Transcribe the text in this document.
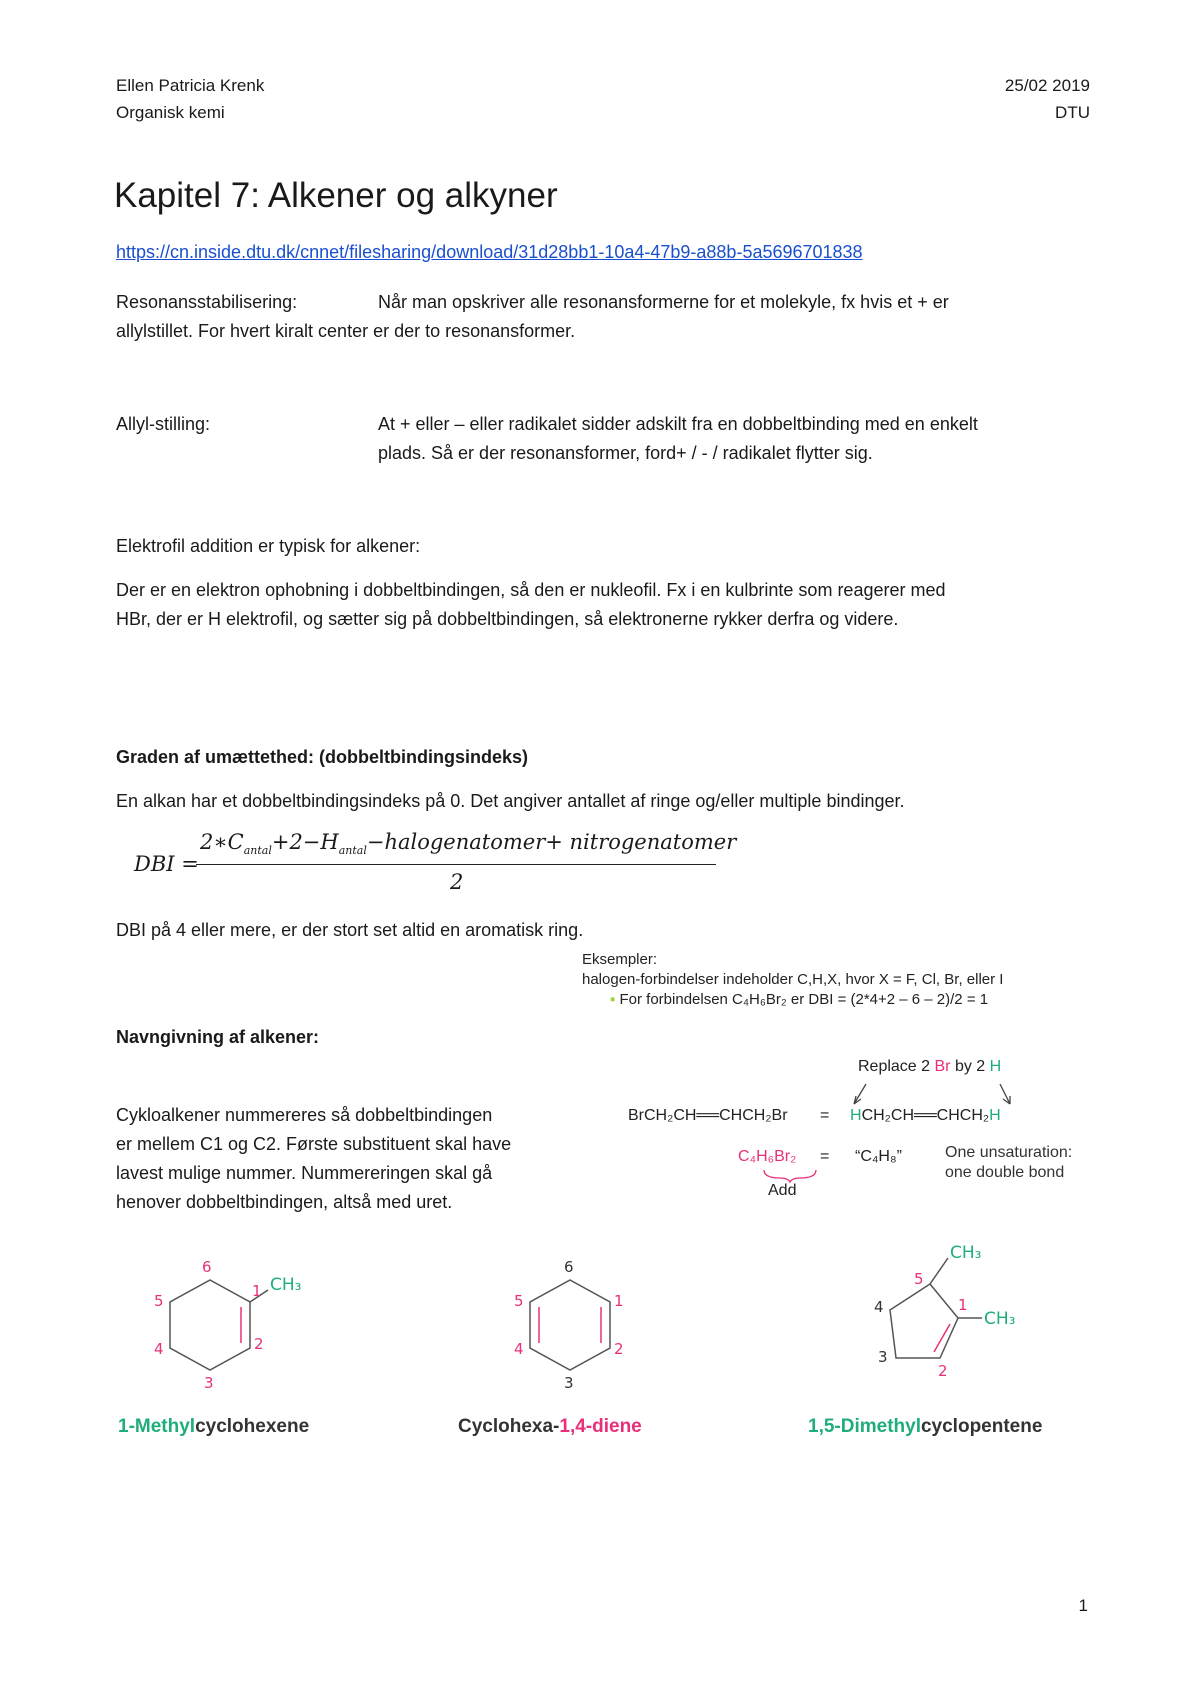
Ellen Patricia Krenk
Organisk kemi
25/02 2019
DTU
Kapitel 7: Alkener og alkyner
https://cn.inside.dtu.dk/cnnet/filesharing/download/31d28bb1-10a4-47b9-a88b-5a5696701838
Resonansstabilisering:	Når man opskriver alle resonansformerne for et molekyle, fx hvis et + er
allylstillet. For hvert kiralt center er der to resonansformer.
Allyl-stilling:	At + eller – eller radikalet sidder adskilt fra en dobbeltbinding med en enkelt
plads. Så er der resonansformer, ford+ / - / radikalet flytter sig.
Elektrofil addition er typisk for alkener:
Der er en elektron ophobning i dobbeltbindingen, så den er nukleofil. Fx i en kulbrinte som reagerer med
HBr, der er H elektrofil, og sætter sig på dobbeltbindingen, så elektronerne rykker derfra og videre.
Graden af umættethed: (dobbeltbindingsindeks)
En alkan har et dobbeltbindingsindeks på 0. Det angiver antallet af ringe og/eller multiple bindinger.
DBI =
$2∗C_{antal}+2-H_{antal}-halogenatomer+$ nitrogenatomer
2
DBI på 4 eller mere, er der stort set altid en aromatisk ring.
Eksempler:
halogen-forbindelser indeholder C,H,X, hvor X = F, Cl, Br, eller I
▪ For forbindelsen C₄H₆Br₂ er DBI = (2*4+2 – 6 – 2)/2 = 1
Navngivning af alkener:
Cykloalkener nummereres så dobbeltbindingen
er mellem C1 og C2. Første substituent skal have
lavest mulige nummer. Nummereringen skal gå
henover dobbeltbindingen, altså med uret.
Replace 2 Br by 2 H
BrCH₂CH══CHCH₂Br = HCH₂CH══CHCH₂H
C₄H₆Br₂ = “C₄H₈”
Add
One unsaturation:
one double bond
6
1
2
3
4
5
CH₃
1-Methylcyclohexene
6
1
2
3
4
5
Cyclohexa-1,4-diene
CH₃
CH₃
5
1
2
3
4
1,5-Dimethylcyclopentene
1
